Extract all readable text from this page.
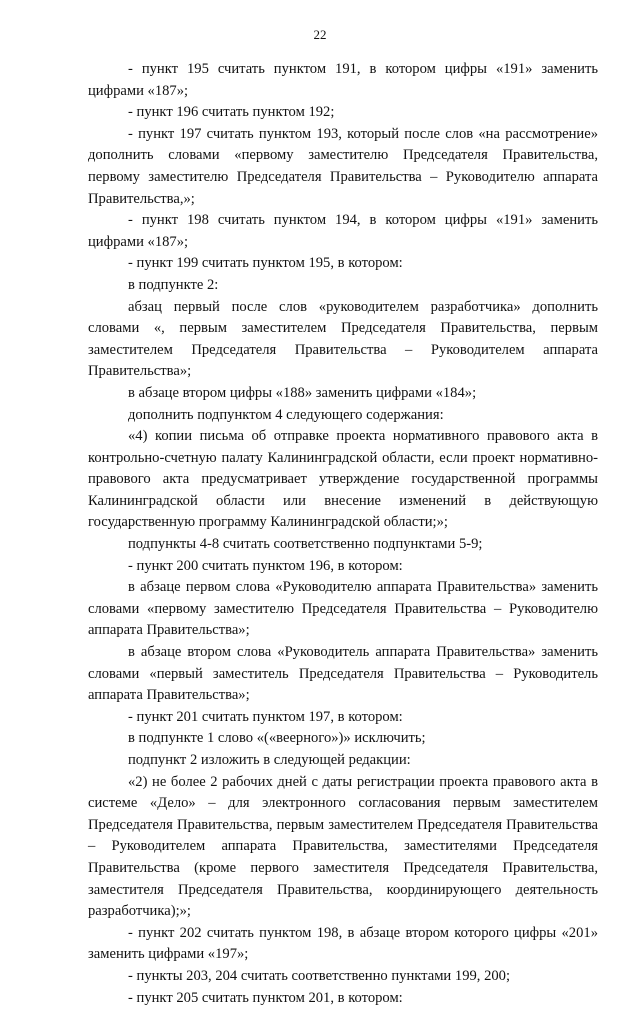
22

- пункт 195 считать пунктом 191, в котором цифры «191» заменить цифрами «187»;

- пункт 196 считать пунктом 192;

- пункт 197 считать пунктом 193, который после слов «на рассмотрение» дополнить словами «первому заместителю Председателя Правительства, первому заместителю Председателя Правительства – Руководителю аппарата Правительства,»;

- пункт 198 считать пунктом 194, в котором цифры «191» заменить цифрами «187»;

- пункт 199 считать пунктом 195, в котором:

в подпункте 2:

абзац первый после слов «руководителем разработчика» дополнить словами «, первым заместителем Председателя Правительства, первым заместителем Председателя Правительства – Руководителем аппарата Правительства»;

в абзаце втором цифры «188» заменить цифрами «184»;

дополнить подпунктом 4 следующего содержания:

«4) копии письма об отправке проекта нормативного правового акта в контрольно-счетную палату Калининградской области, если проект нормативно-правового акта предусматривает утверждение государственной программы Калининградской области или внесение изменений в действующую государственную программу Калининградской области;»;

подпункты 4-8 считать соответственно подпунктами 5-9;

- пункт 200 считать пунктом 196, в котором:

в абзаце первом слова «Руководителю аппарата Правительства» заменить словами «первому заместителю Председателя Правительства – Руководителю аппарата Правительства»;

в абзаце втором слова «Руководитель аппарата Правительства» заменить словами «первый заместитель Председателя Правительства – Руководитель аппарата Правительства»;

- пункт 201 считать пунктом 197, в котором:

в подпункте 1 слово «(«веерного»)» исключить;

подпункт 2 изложить в следующей редакции:

«2) не более 2 рабочих дней с даты регистрации проекта правового акта в системе «Дело» – для электронного согласования первым заместителем Председателя Правительства, первым заместителем Председателя Правительства – Руководителем аппарата Правительства, заместителями Председателя Правительства (кроме первого заместителя Председателя Правительства, заместителя Председателя Правительства, координирующего деятельность разработчика);»;

- пункт 202 считать пунктом 198, в абзаце втором которого цифры «201» заменить цифрами «197»;

- пункты 203, 204 считать соответственно пунктами 199, 200;

- пункт 205 считать пунктом 201, в котором:
